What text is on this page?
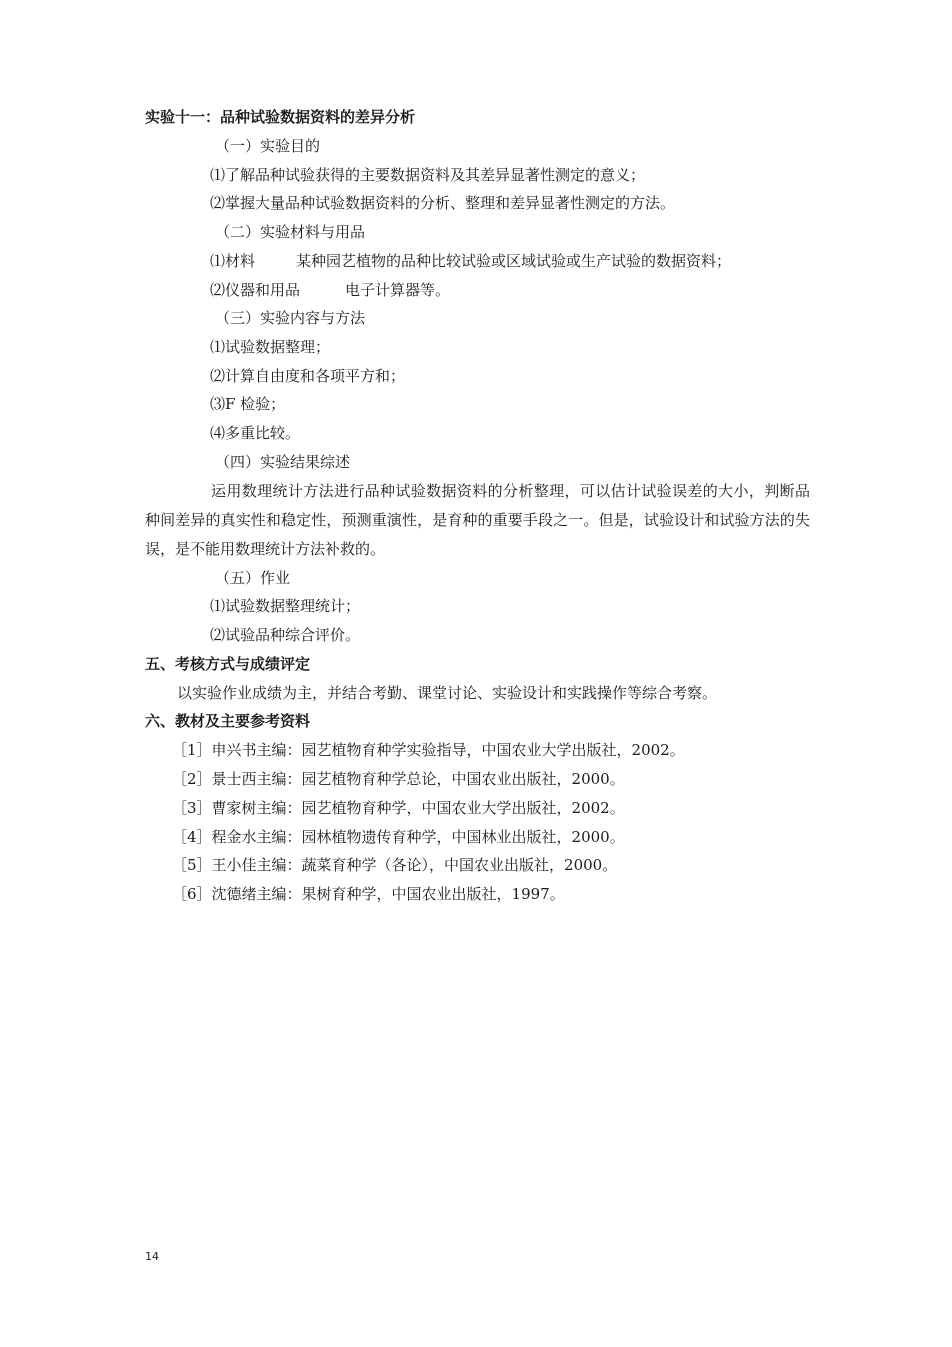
实验十一：品种试验数据资料的差异分析
（一）实验目的
⑴了解品种试验获得的主要数据资料及其差异显著性测定的意义；
⑵掌握大量品种试验数据资料的分析、整理和差异显著性测定的方法。
（二）实验材料与用品
⑴材料	某种园艺植物的品种比较试验或区域试验或生产试验的数据资料；
⑵仪器和用品	电子计算器等。
（三）实验内容与方法
⑴试验数据整理；
⑵计算自由度和各项平方和；
⑶F 检验；
⑷多重比较。
（四）实验结果综述
运用数理统计方法进行品种试验数据资料的分析整理，可以估计试验误差的大小，判断品种间差异的真实性和稳定性，预测重演性，是育种的重要手段之一。但是，试验设计和试验方法的失误，是不能用数理统计方法补救的。
（五）作业
⑴试验数据整理统计；
⑵试验品种综合评价。
五、考核方式与成绩评定
以实验作业成绩为主，并结合考勤、课堂讨论、实验设计和实践操作等综合考察。
六、教材及主要参考资料
［1］申兴书主编：园艺植物育种学实验指导，中国农业大学出版社，2002。
［2］景士西主编：园艺植物育种学总论，中国农业出版社，2000。
［3］曹家树主编：园艺植物育种学，中国农业大学出版社，2002。
［4］程金水主编：园林植物遗传育种学，中国林业出版社，2000。
［5］王小佳主编：蔬菜育种学（各论），中国农业出版社，2000。
［6］沈德绪主编：果树育种学，中国农业出版社，1997。
14
